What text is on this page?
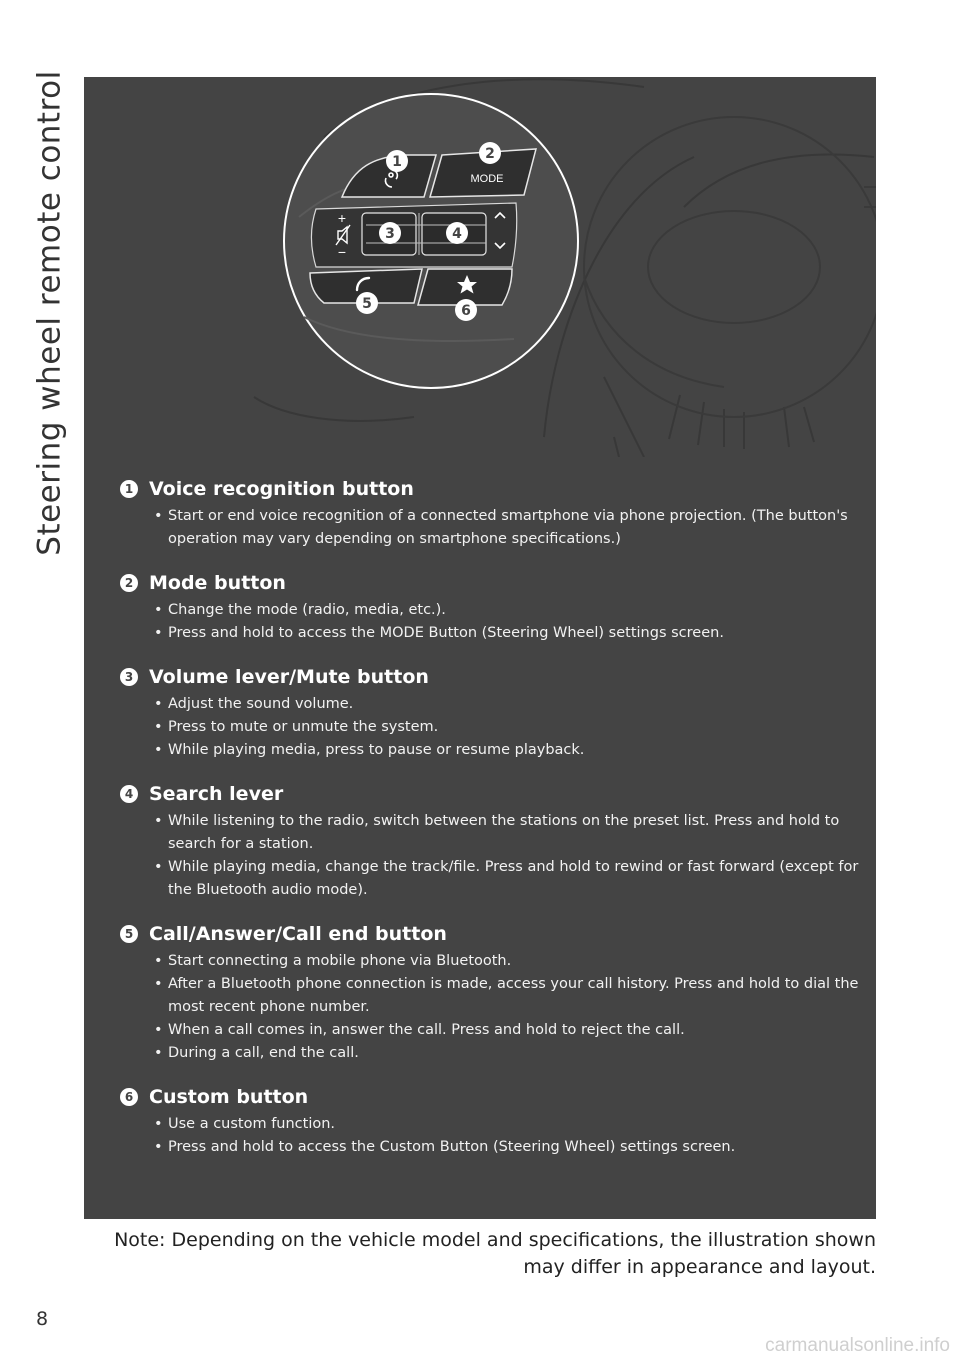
Steering wheel remote control	MODE
+
−
1	2
3	4
5	6
1 Voice recognition button
• Start or end voice recognition of a connected smartphone via phone projection. (The button's operation may vary depending on smartphone specifications.)
2 Mode button
• Change the mode (radio, media, etc.).
• Press and hold to access the MODE Button (Steering Wheel) settings screen.
3 Volume lever/Mute button
• Adjust the sound volume.
• Press to mute or unmute the system.
• While playing media, press to pause or resume playback.
4 Search lever
• While listening to the radio, switch between the stations on the preset list. Press and hold to search for a station.
• While playing media, change the track/file. Press and hold to rewind or fast forward (except for the Bluetooth audio mode).
5 Call/Answer/Call end button
• Start connecting a mobile phone via Bluetooth.
• After a Bluetooth phone connection is made, access your call history. Press and hold to dial the most recent phone number.
• When a call comes in, answer the call. Press and hold to reject the call.
• During a call, end the call.
6 Custom button
• Use a custom function.
• Press and hold to access the Custom Button (Steering Wheel) settings screen.
Note: Depending on the vehicle model and specifications, the illustration shown may differ in appearance and layout.
8
carmanualsonline.info
